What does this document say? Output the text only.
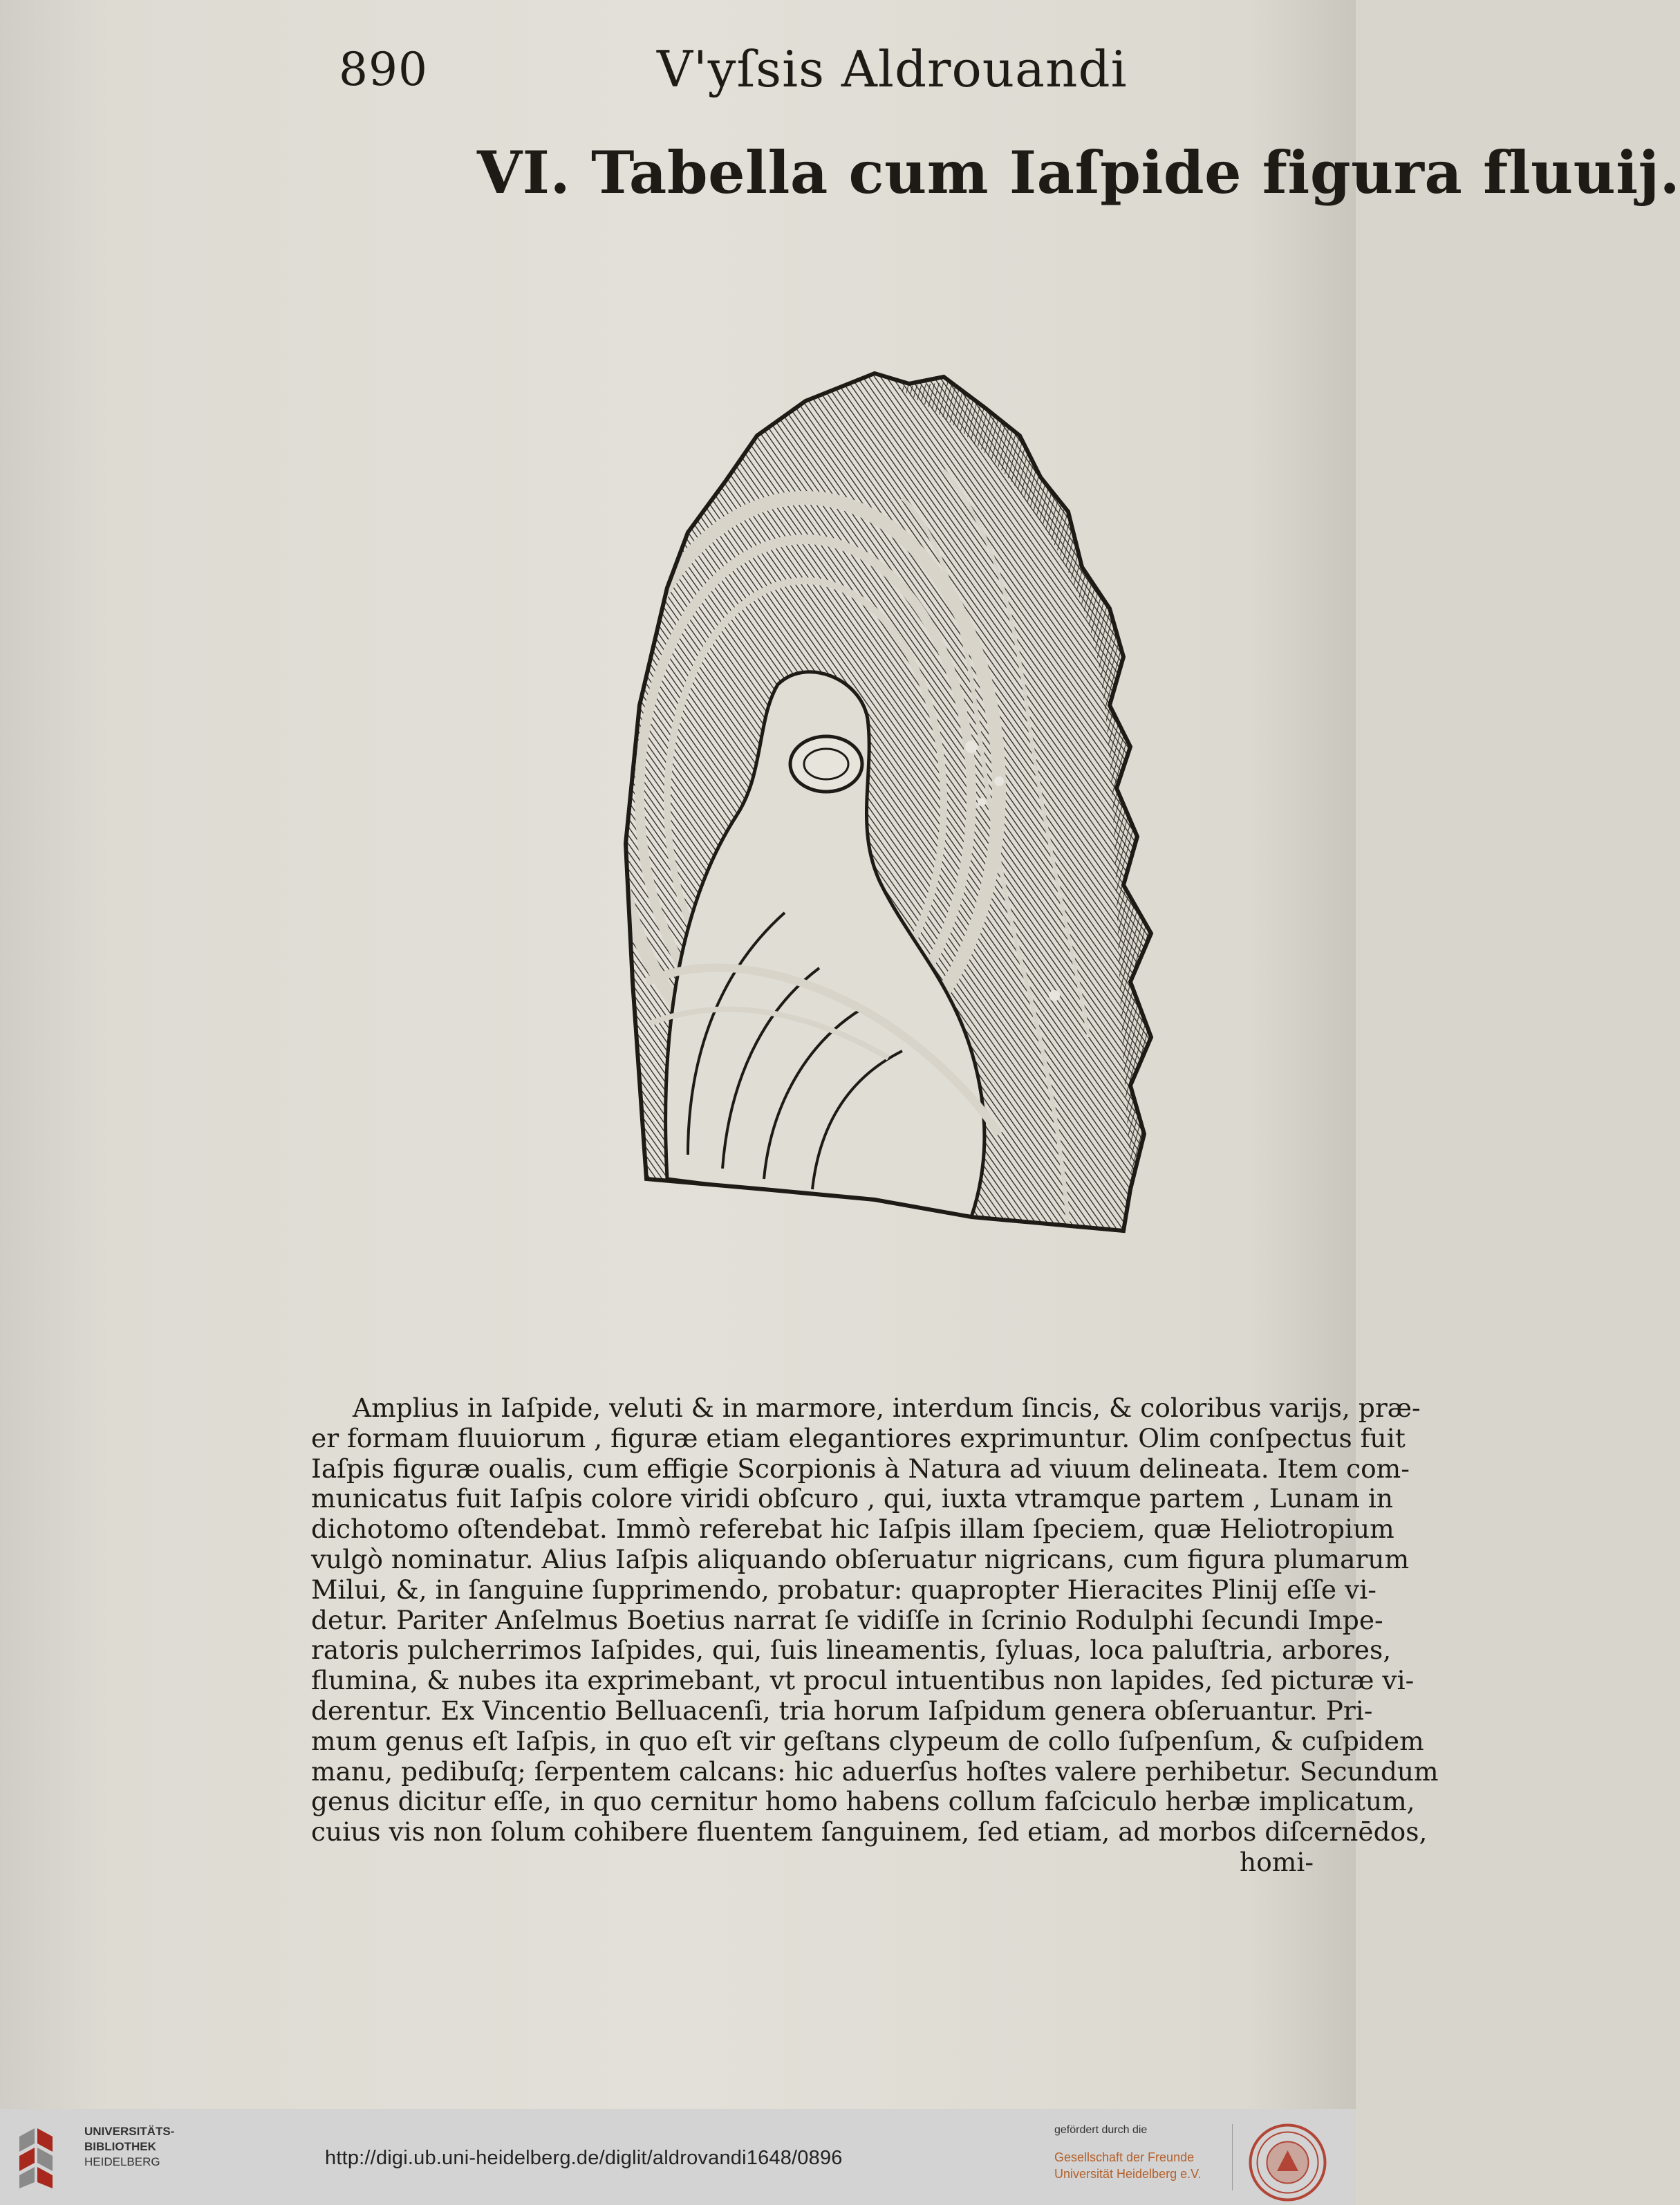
890	V'yſsis Aldrouandi
VI. Tabella cum Iaſpide figura fluuij.
Amplius in Iaſpide, veluti & in marmore, interdum ſincis, & coloribus varijs, præ-
er formam fluuiorum , figuræ etiam elegantiores exprimuntur. Olim conſpectus fuit
Iaſpis figuræ oualis, cum effigie Scorpionis à Natura ad viuum delineata. Item com-
municatus fuit Iaſpis colore viridi obſcuro , qui, iuxta vtramque partem , Lunam in
dichotomo oſtendebat. Immò referebat hic Iaſpis illam ſpeciem, quæ Heliotropium
vulgò nominatur. Alius Iaſpis aliquando obſeruatur nigricans, cum figura plumarum
Milui, &, in ſanguine ſupprimendo, probatur: quapropter Hieracites Plinij eſſe vi-
detur. Pariter Anſelmus Boetius narrat ſe vidiſſe in ſcrinio Rodulphi ſecundi Impe-
ratoris pulcherrimos Iaſpides, qui, ſuis lineamentis, ſyluas, loca paluſtria, arbores,
flumina, & nubes ita exprimebant, vt procul intuentibus non lapides, ſed picturæ vi-
derentur. Ex Vincentio Belluacenſi, tria horum Iaſpidum genera obſeruantur. Pri-
mum genus eſt Iaſpis, in quo eſt vir geſtans clypeum de collo ſuſpenſum, & cuſpidem
manu, pedibuſq; ſerpentem calcans: hic aduerſus hoſtes valere perhibetur. Secundum
genus dicitur eſſe, in quo cernitur homo habens collum faſciculo herbæ implicatum,
cuius vis non ſolum cohibere fluentem ſanguinem, ſed etiam, ad morbos diſcernēdos,
homi-
UNIVERSITÄTS-
BIBLIOTHEK
HEIDELBERG	http://digi.ub.uni-heidelberg.de/diglit/aldrovandi1648/0896
gefördert durch die
Gesellschaft der Freunde
Universität Heidelberg e.V.
